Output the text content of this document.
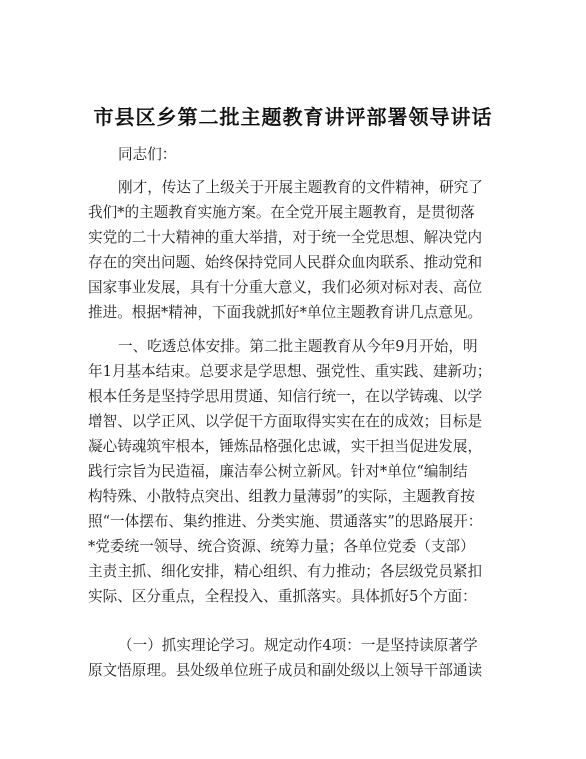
市县区乡第二批主题教育讲评部署领导讲话
同志们：
刚才，传达了上级关于开展主题教育的文件精神，研究了
我们*的主题教育实施方案。在全党开展主题教育，是贯彻落
实党的二十大精神的重大举措，对于统一全党思想、解决党内
存在的突出问题、始终保持党同人民群众血肉联系、推动党和
国家事业发展，具有十分重大意义，我们必须对标对表、高位
推进。根据*精神，下面我就抓好*单位主题教育讲几点意见。
一、吃透总体安排。第二批主题教育从今年9月开始，明
年1月基本结束。总要求是学思想、强党性、重实践、建新功；
根本任务是坚持学思用贯通、知信行统一，在以学铸魂、以学
增智、以学正风、以学促干方面取得实实在在的成效；目标是
凝心铸魂筑牢根本，锤炼品格强化忠诚，实干担当促进发展，
践行宗旨为民造福，廉洁奉公树立新风。针对*单位“编制结
构特殊、小散特点突出、组教力量薄弱”的实际，主题教育按
照“一体摆布、集约推进、分类实施、贯通落实”的思路展开：
*党委统一领导、统合资源、统筹力量；各单位党委（支部）
主责主抓、细化安排，精心组织、有力推动；各层级党员紧扣
实际、区分重点，全程投入、重抓落实。具体抓好5个方面：
（一）抓实理论学习。规定动作4项：一是坚持读原著学
原文悟原理。县处级单位班子成员和副处级以上领导干部通读
